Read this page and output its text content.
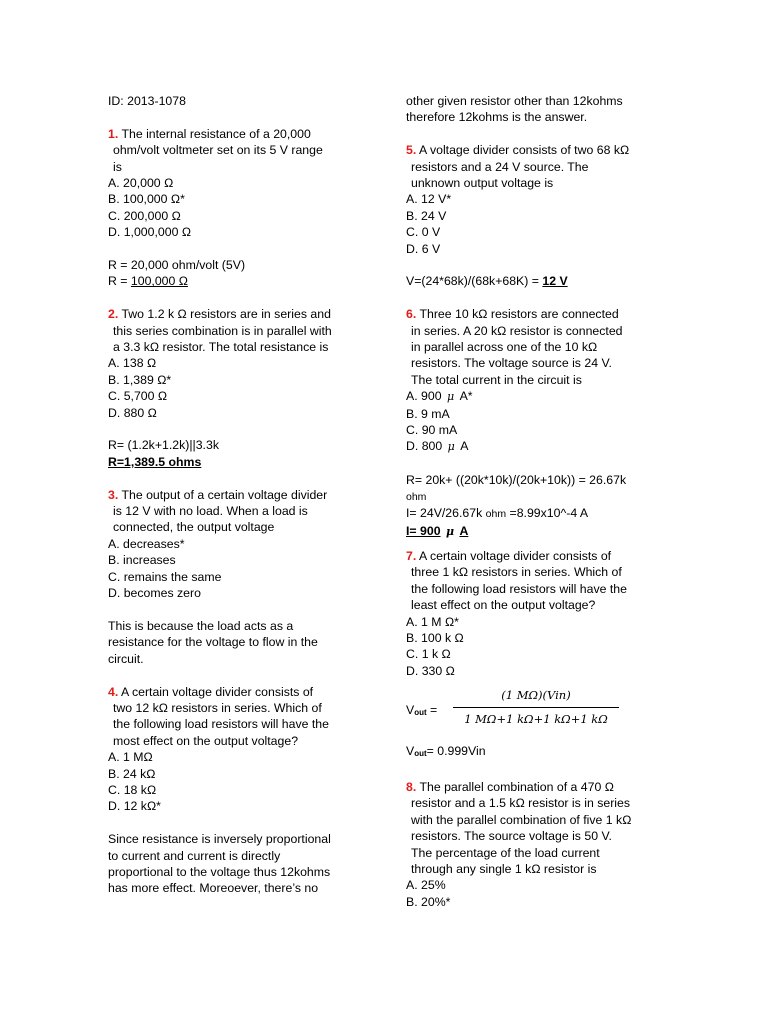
ID: 2013-1078
1. The internal resistance of a 20,000
ohm/volt voltmeter set on its 5 V range
is
A. 20,000 Ω
B. 100,000 Ω*
C. 200,000 Ω
D. 1,000,000 Ω
R = 20,000 ohm/volt (5V)
R = 100,000 Ω
2. Two 1.2 k Ω resistors are in series and
this series combination is in parallel with
a 3.3 kΩ resistor. The total resistance is
A. 138 Ω
B. 1,389 Ω*
C. 5,700 Ω
D. 880 Ω
R= (1.2k+1.2k)||3.3k
R=1,389.5 ohms
3. The output of a certain voltage divider
is 12 V with no load. When a load is
connected, the output voltage
A. decreases*
B. increases
C. remains the same
D. becomes zero
This is because the load acts as a
resistance for the voltage to flow in the
circuit.
4. A certain voltage divider consists of
two 12 kΩ resistors in series. Which of
the following load resistors will have the
most effect on the output voltage?
A. 1 MΩ
B. 24 kΩ
C. 18 kΩ
D. 12 kΩ*
Since resistance is inversely proportional
to current and current is directly
proportional to the voltage thus 12kohms
has more effect. Moreoever, there’s no
other given resistor other than 12kohms
therefore 12kohms is the answer.
5. A voltage divider consists of two 68 kΩ
resistors and a 24 V source. The
unknown output voltage is
A. 12 V*
B. 24 V
C. 0 V
D. 6 V
V=(24*68k)/(68k+68K) = 12 V
6. Three 10 kΩ resistors are connected
in series. A 20 kΩ resistor is connected
in parallel across one of the 10 kΩ
resistors. The voltage source is 24 V.
The total current in the circuit is
A. 900 μ A*
B. 9 mA
C. 90 mA
D. 800 μ A
R= 20k+ ((20k*10k)/(20k+10k)) = 26.67k
ohm
I= 24V/26.67k ohm =8.99x10^-4 A
I= 900 μ A
7. A certain voltage divider consists of
three 1 kΩ resistors in series. Which of
the following load resistors will have the
least effect on the output voltage?
A. 1 M Ω*
B. 100 k Ω
C. 1 k Ω
D. 330 Ω
Vout =
(1 MΩ)(Vin)
1 MΩ+1 kΩ+1 kΩ+1 kΩ
Vout= 0.999Vin
8. The parallel combination of a 470 Ω
resistor and a 1.5 kΩ resistor is in series
with the parallel combination of five 1 kΩ
resistors. The source voltage is 50 V.
The percentage of the load current
through any single 1 kΩ resistor is
A. 25%
B. 20%*
